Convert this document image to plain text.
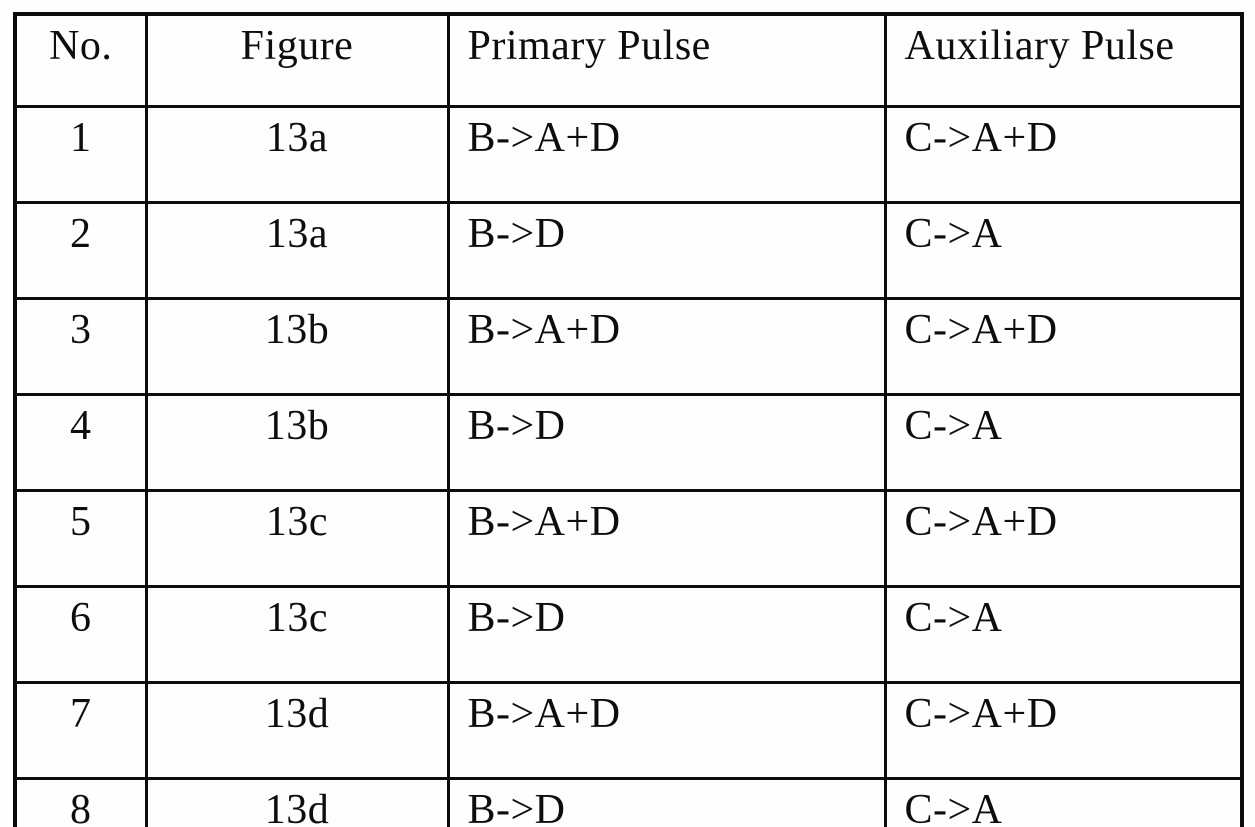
No.	Figure	Primary Pulse	Auxiliary Pulse
1	13a	B->A+D	C->A+D
2	13a	B->D	C->A
3	13b	B->A+D	C->A+D
4	13b	B->D	C->A
5	13c	B->A+D	C->A+D
6	13c	B->D	C->A
7	13d	B->A+D	C->A+D
8	13d	B->D	C->A
